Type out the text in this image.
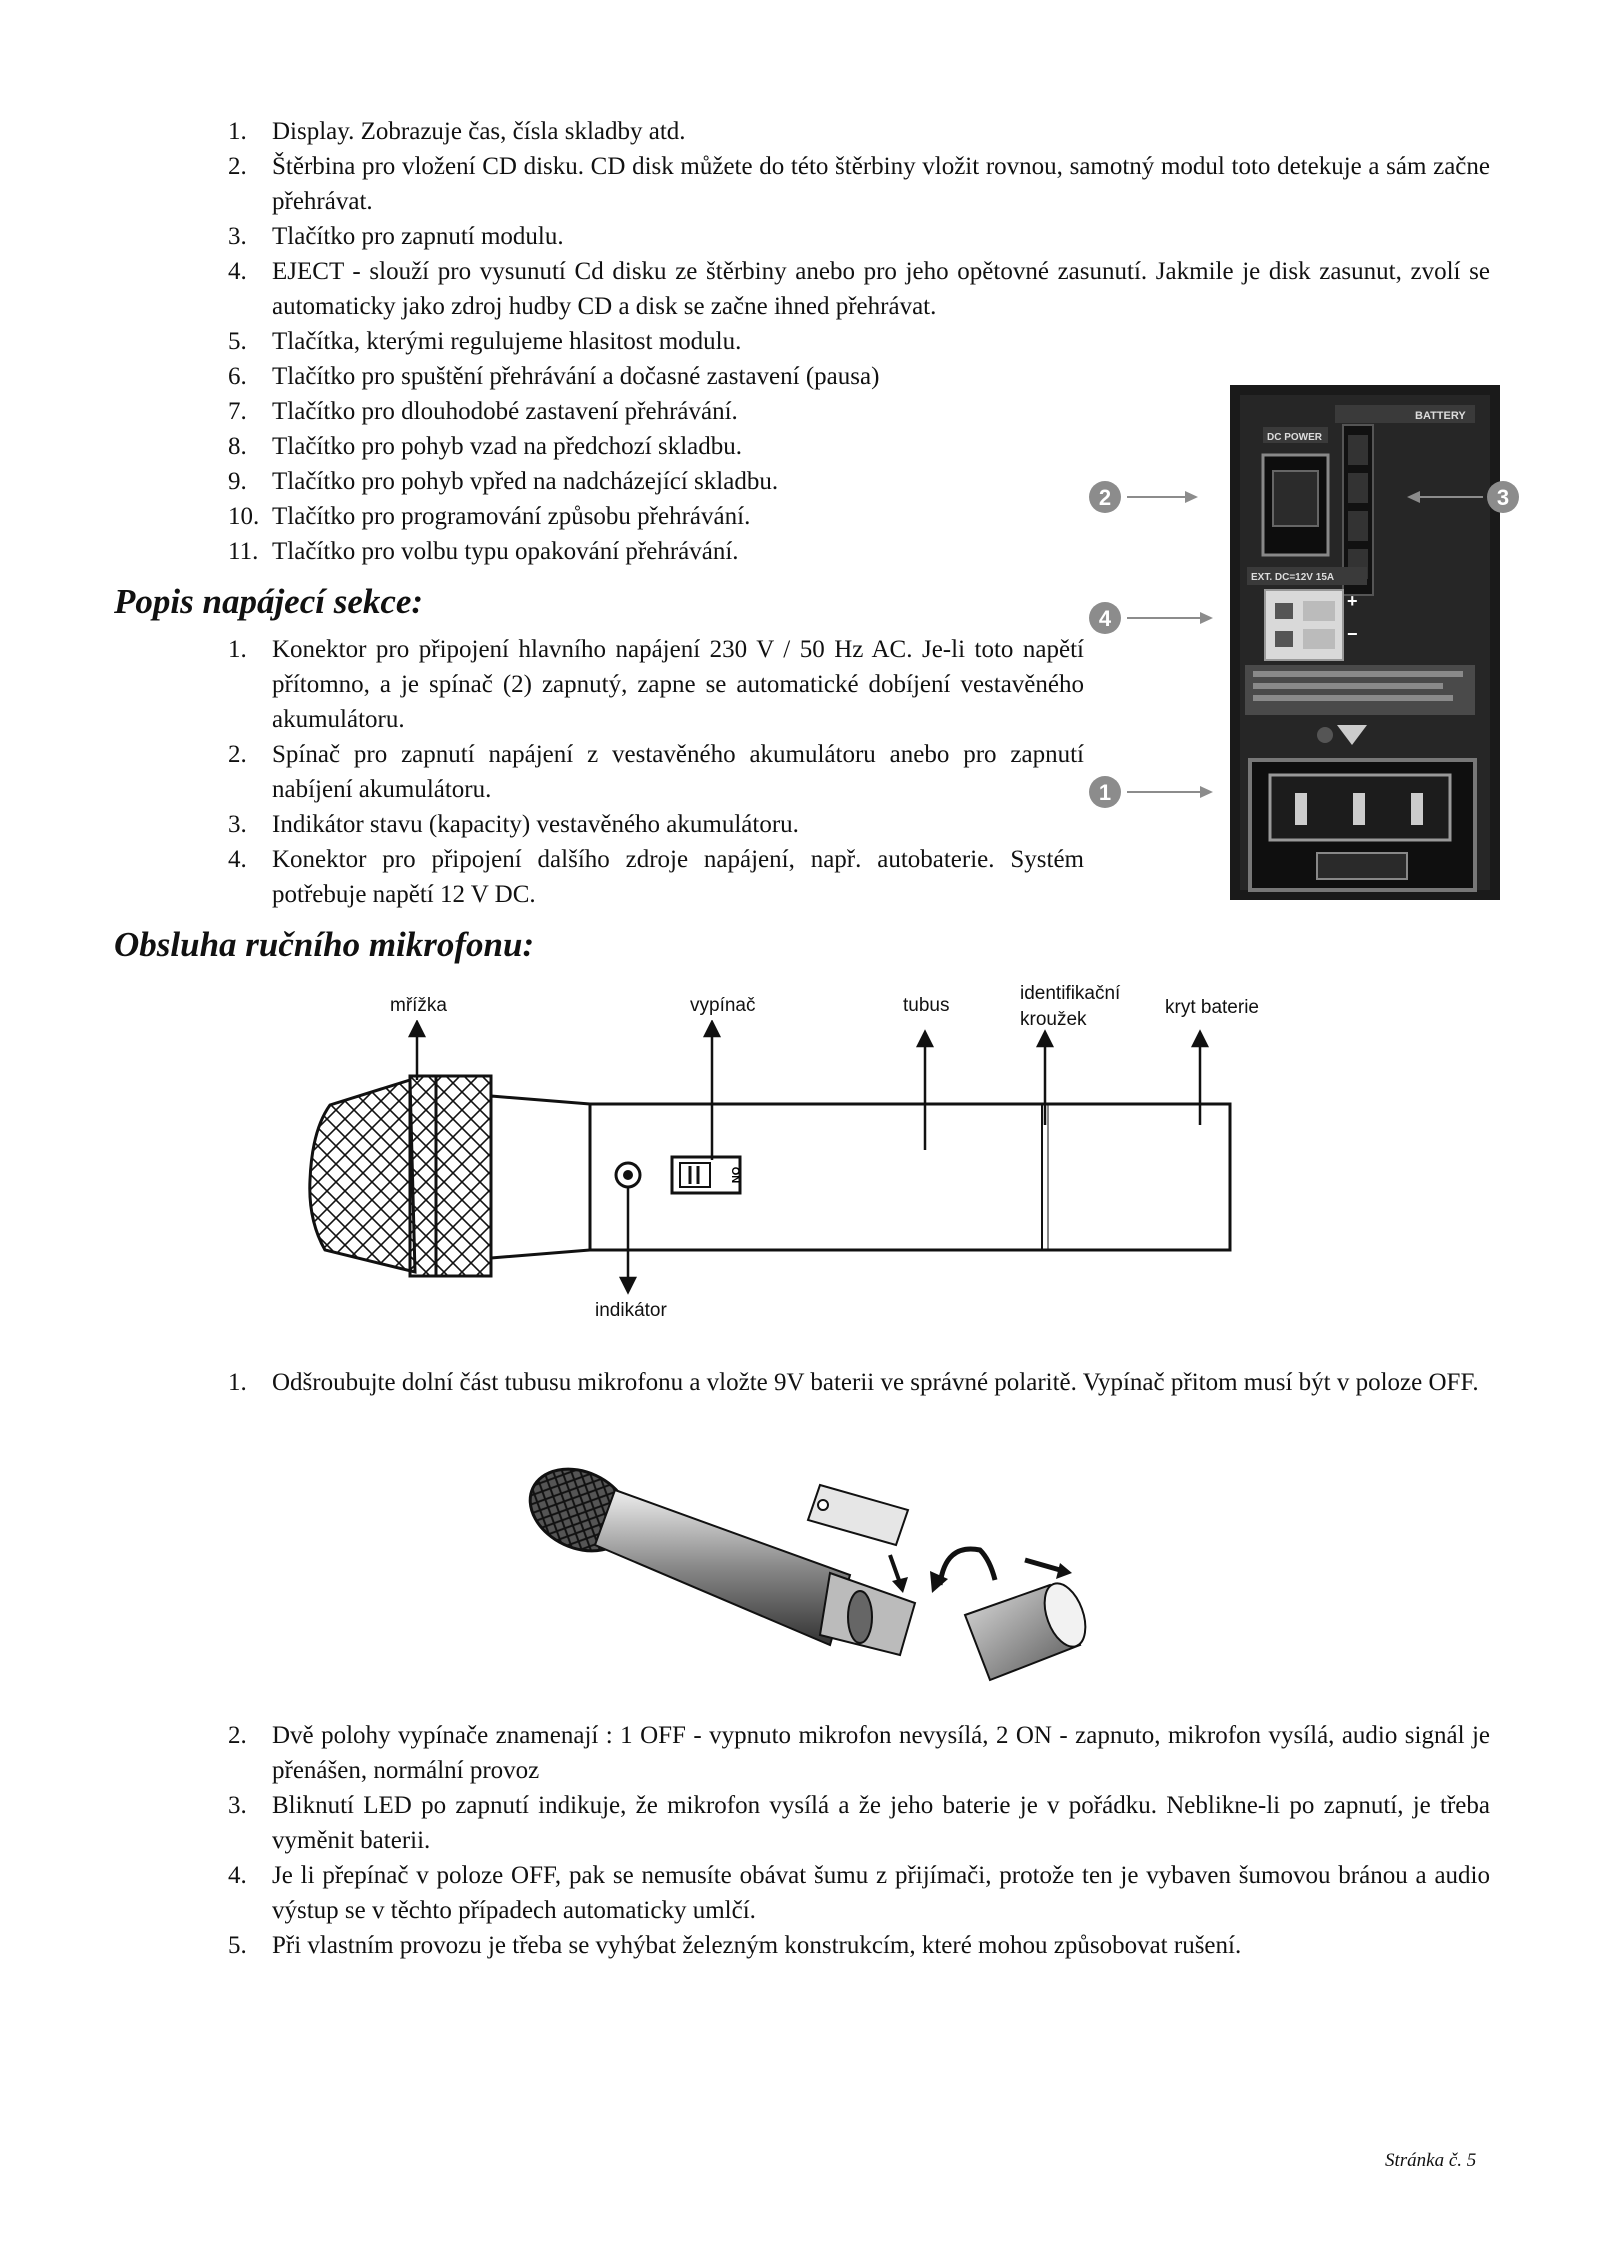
1.	Display. Zobrazuje čas, čísla skladby atd.
2.	Štěrbina pro vložení CD disku. CD disk můžete do této štěrbiny vložit rovnou, samotný modul toto detekuje a sám začne přehrávat.
3.	Tlačítko pro zapnutí modulu.
4.	EJECT - slouží pro vysunutí Cd disku ze štěrbiny anebo pro jeho opětovné zasunutí. Jakmile je disk zasunut, zvolí se automaticky jako zdroj hudby CD a disk se začne ihned přehrávat.
5.	Tlačítka, kterými regulujeme hlasitost modulu.
6.	Tlačítko pro spuštění přehrávání a dočasné zastavení (pausa)
7.	Tlačítko pro dlouhodobé zastavení přehrávání.
8.	Tlačítko pro pohyb vzad na předchozí skladbu.
9.	Tlačítko pro pohyb vpřed na nadcházející skladbu.
10. Tlačítko pro programování způsobu přehrávání.
11. Tlačítko pro volbu typu opakování přehrávání.
Popis napájecí sekce:
1.	Konektor pro připojení hlavního napájení 230 V / 50 Hz AC. Je-li toto napětí přítomno, a je spínač (2) zapnutý, zapne se automatické dobíjení vestavěného akumulátoru.
2.	Spínač pro zapnutí napájení z vestavěného akumulátoru anebo pro zapnutí nabíjení akumulátoru.
3.	Indikátor stavu (kapacity) vestavěného akumulátoru.
4.	Konektor pro připojení dalšího zdroje napájení, např. autobaterie. Systém potřebuje napětí 12 V DC.
BATTERY
DC POWER
EXT. DC=12V 15A
+
−
2	3
4
1
Obsluha ručního mikrofonu:
mřížka	vypínač	tubus
identifikační
kroužek
kryt baterie
indikátor
ON
1.	Odšroubujte dolní část tubusu mikrofonu a vložte 9V baterii ve správné polaritě. Vypínač přitom musí být v poloze OFF.
2.	Dvě polohy vypínače znamenají : 1 OFF - vypnuto mikrofon nevysílá, 2 ON - zapnuto, mikrofon vysílá, audio signál je přenášen, normální provoz
3.	Bliknutí LED po zapnutí indikuje, že mikrofon vysílá a že jeho baterie je v pořádku. Neblikne-li po zapnutí, je třeba vyměnit baterii.
4.	Je li přepínač v poloze OFF, pak se nemusíte obávat šumu z přijímači, protože ten je vybaven šumovou bránou a audio výstup se v těchto případech automaticky umlčí.
5.	Při vlastním provozu je třeba se vyhýbat železným konstrukcím, které mohou způsobovat rušení.
Stránka č. 5
